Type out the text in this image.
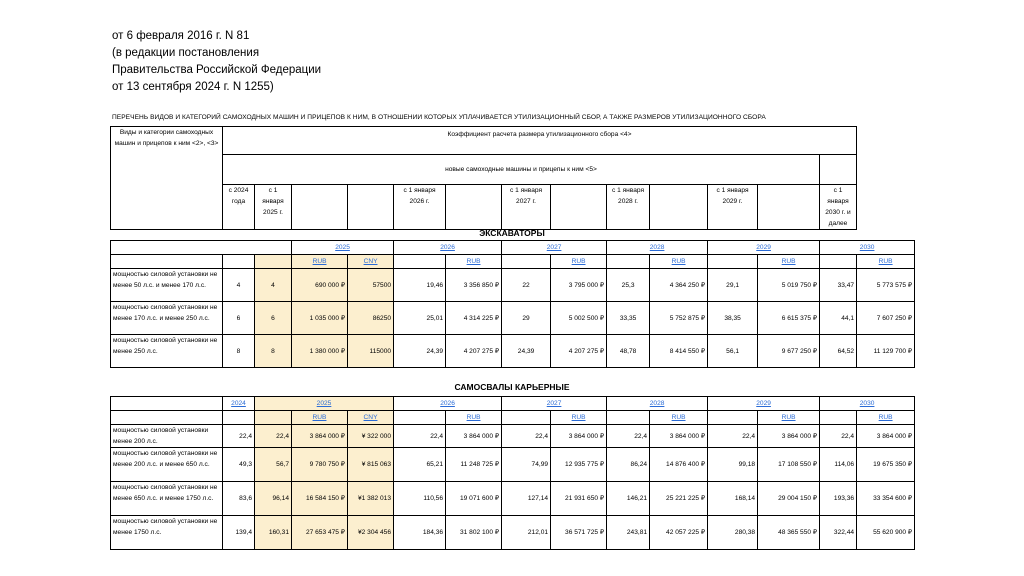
от 6 февраля 2016 г. N 81
(в редакции постановления
Правительства Российской Федерации
от 13 сентября 2024 г. N 1255)
ПЕРЕЧЕНЬ ВИДОВ И КАТЕГОРИЙ САМОХОДНЫХ МАШИН И ПРИЦЕПОВ К НИМ, В ОТНОШЕНИИ КОТОРЫХ УПЛАЧИВАЕТСЯ УТИЛИЗАЦИОННЫЙ СБОР, А ТАКЖЕ РАЗМЕРОВ УТИЛИЗАЦИОННОГО СБОРА
Виды и категории самоходных машин и прицепов к ним <2>, <3>	Коэффициент расчета размера утилизационного сбора <4>												
	новые самоходные машины и прицепы к ним <5>												
	с 2024 года	с 1 января 2025 г.			с 1 января 2026 г.		с 1 января 2027 г.		с 1 января 2028 г.		с 1 января 2029 г.		с 1 января 2030 г. и далее
ЭКСКАВАТОРЫ
			2025		2026		2027		2028		2029		2030	
			RUB	CNY		RUB		RUB		RUB		RUB		RUB
мощностью силовой установки не менее 50 л.с. и менее 170 л.с.	4	4	690 000 ₽	57500	19,46	3 356 850 ₽	22	3 795 000 ₽	25,3	4 364 250 ₽	29,1	5 019 750 ₽	33,47	5 773 575 ₽
мощностью силовой установки не менее 170 л.с. и менее 250 л.с.	6	6	1 035 000 ₽	86250	25,01	4 314 225 ₽	29	5 002 500 ₽	33,35	5 752 875 ₽	38,35	6 615 375 ₽	44,1	7 607 250 ₽
мощностью силовой установки не менее 250 л.с.	8	8	1 380 000 ₽	115000	24,39	4 207 275 ₽	24,39	4 207 275 ₽	48,78	8 414 550 ₽	56,1	9 677 250 ₽	64,52	11 129 700 ₽
САМОСВАЛЫ КАРЬЕРНЫЕ
	2024	2025			2026		2027		2028		2029		2030	
			RUB	CNY		RUB		RUB		RUB		RUB		RUB
мощностью силовой установки менее 200 л.с.	22,4	22,4	3 864 000 ₽	¥ 322 000	22,4	3 864 000 ₽	22,4	3 864 000 ₽	22,4	3 864 000 ₽	22,4	3 864 000 ₽	22,4	3 864 000 ₽
мощностью силовой установки не менее 200 л.с. и менее 650 л.с.	49,3	56,7	9 780 750 ₽	¥ 815 063	65,21	11 248 725 ₽	74,99	12 935 775 ₽	86,24	14 876 400 ₽	99,18	17 108 550 ₽	114,06	19 675 350 ₽
мощностью силовой установки не менее 650 л.с. и менее 1750 л.с.	83,6	96,14	16 584 150 ₽	¥1 382 013	110,56	19 071 600 ₽	127,14	21 931 650 ₽	146,21	25 221 225 ₽	168,14	29 004 150 ₽	193,36	33 354 600 ₽
мощностью силовой установки не менее 1750 л.с.	139,4	160,31	27 653 475 ₽	¥2 304 456	184,36	31 802 100 ₽	212,01	36 571 725 ₽	243,81	42 057 225 ₽	280,38	48 365 550 ₽	322,44	55 620 900 ₽
